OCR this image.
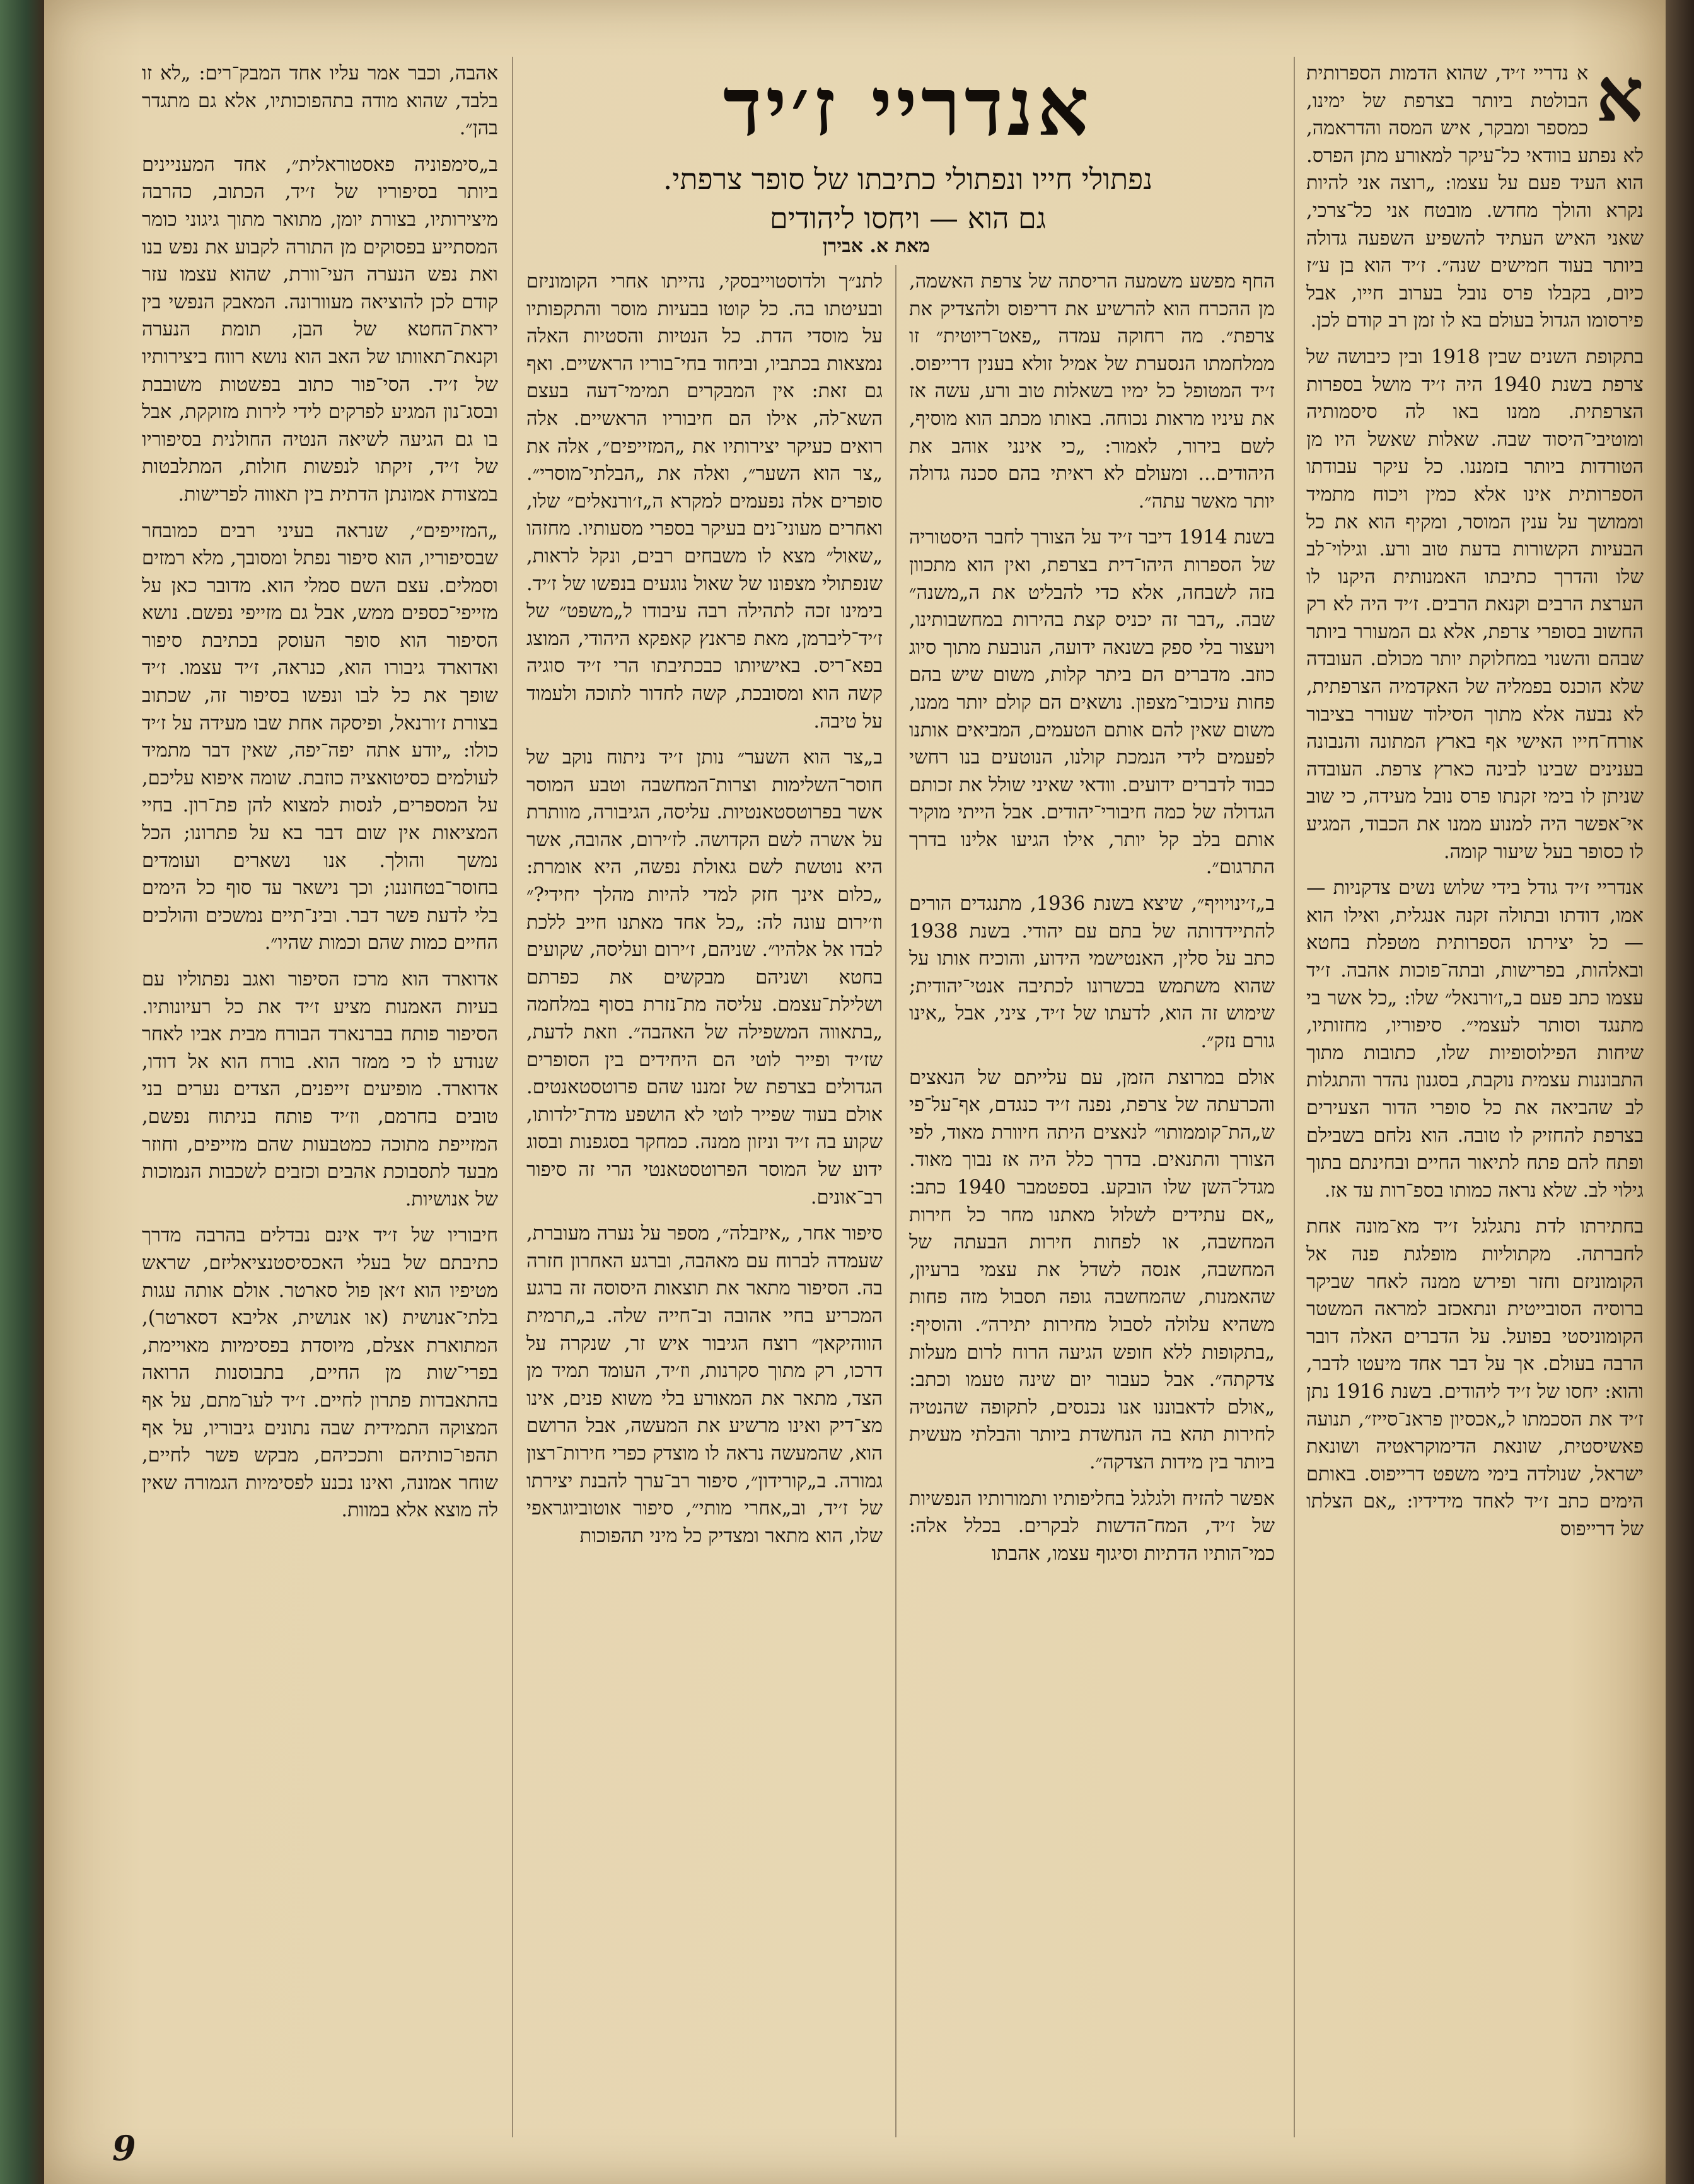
א
א נדריי ז׳יד, שהוא הדמות הספרותית הבולטת ביותר בצרפת של ימינו, כמספר ומבקר, איש המסה והדראמה, לא נפתע בוודאי כל־עיקר למאורע מתן הפרס. הוא העיד פעם על עצמו: „רוצה אני להיות נקרא והולך מחדש. מובטח אני כל־צרכי, שאני האיש העתיד להשפיע השפעה גדולה ביותר בעוד חמישים שנה״. ז׳יד הוא בן ע״ז כיום, בקבלו פרס נובל בערוב חייו, אבל פירסומו הגדול בעולם בא לו זמן רב קודם לכן.

בתקופת השנים שבין 1918 ובין כיבושה של צרפת בשנת 1940 היה ז׳יד מושל בספרות הצרפתית. ממנו באו לה סיסמותיה ומוטיבי־היסוד שבה. שאלות שאשל היו מן הטורדות ביותר בזמננו. כל עיקר עבודתו הספרותית אינו אלא כמין ויכוח מתמיד וממושך על ענין המוסר, ומקיף הוא את כל הבעיות הקשורות בדעת טוב ורע. וגילוי־לב שלו והדרך כתיבתו האמנותית היקנו לו הערצת הרבים וקנאת הרבים. ז׳יד היה לא רק החשוב בסופרי צרפת, אלא גם המעורר ביותר שבהם והשנוי במחלוקת יותר מכולם. העובדה שלא הוכנס בפמליה של האקדמיה הצרפתית, לא נבעה אלא מתוך הסילוד שעורר בציבור אורח־חייו האישי אף בארץ המתונה והנבונה בענינים שבינו לבינה כארץ צרפת. העובדה שניתן לו בימי זקנתו פרס נובל מעידה, כי שוב אי־אפשר היה למנוע ממנו את הכבוד, המגיע לו כסופר בעל שיעור קומה.

אנדריי ז׳יד גודל בידי שלוש נשים צדקניות — אמו, דודתו ובתולה זקנה אנגלית, ואילו הוא — כל יצירתו הספרותית מטפלת בחטא ובאלהות, בפרישות, ובתה־פוכות אהבה. ז׳יד עצמו כתב פעם ב„ז׳ורנאל״ שלו: „כל אשר בי מתנגד וסותר לעצמי״. סיפוריו, מחזותיו, שיחות הפילוסופיות שלו, כתובות מתוך התבוננות עצמית נוקבת, בסגנון נהדר והתגלות לב שהביאה את כל סופרי הדור הצעירים בצרפת להחזיק לו טובה. הוא נלחם בשבילם ופתח להם פתח לתיאור החיים ובחינתם בתוך גילוי לב. שלא נראה כמותו בספ־רות עד אז.

בחתירתו לדת נתגלגל ז׳יד מא־מונה אחת לחברתה. מקתוליות מופלגת פנה אל הקומוניזם וחזר ופירש ממנה לאחר שביקר ברוסיה הסובייטית ונתאכזב למראה המשטר הקומוניסטי בפועל. על הדברים האלה דובר הרבה בעולם. אך על דבר אחד מיעטו לדבר, והוא: יחסו של ז׳יד ליהודים. בשנת 1916 נתן ז׳יד את הסכמתו ל„אכסיון פראנ־סייז״, תנועה פאשיסטית, שונאת הדימוקראטיה ושונאת ישראל, שנולדה בימי משפט דרייפוס. באותם הימים כתב ז׳יד לאחד מידידיו: „אם הצלתו של דרייפוס

אנדריי ז׳יד
נפתולי חייו ונפתולי כתיבתו של סופר צרפתי.
גם הוא — ויחסו ליהודים
מאת א. אבירן

החף מפשע משמעה הריסתה של צרפת האשמה, מן ההכרח הוא להרשיע את דריפוס ולהצדיק את צרפת״. מה רחוקה עמדה „פאט־ריוטית״ זו ממלחמתו הנסערת של אמיל זולא בענין דרייפוס. ז׳יד המטופל כל ימיו בשאלות טוב ורע, עשה אז את עיניו מראות נכוחה. באותו מכתב הוא מוסיף, לשם בירור, לאמור: „כי אינני אוהב את היהודים... ומעולם לא ראיתי בהם סכנה גדולה יותר מאשר עתה״.

בשנת 1914 דיבר ז׳יד על הצורך לחבר היסטוריה של הספרות היהו־דית בצרפת, ואין הוא מתכוון בזה לשבחה, אלא כדי להבליט את ה„משנה״ שבה. „דבר זה יכניס קצת בהירות במחשבותינו, ויעצור בלי ספק בשנאה ידועה, הנובעת מתוך סיוג כוזב. מדברים הם ביתר קלות, משום שיש בהם פחות עיכובי־מצפון. נושאים הם קולם יותר ממנו, משום שאין להם אותם הטעמים, המביאים אותנו לפעמים לידי הנמכת קולנו, הנוטעים בנו רחשי כבוד לדברים ידועים. וודאי שאיני שולל את זכותם הגדולה של כמה חיבורי־יהודים. אבל הייתי מוקיר אותם בלב קל יותר, אילו הגיעו אלינו בדרך התרגום״.

ב„ז׳ינויויף״, שיצא בשנת 1936, מתנגדים הורים להתיידדותה של בתם עם יהודי. בשנת 1938 כתב על סלין, האנטישמי הידוע, והוכיח אותו על שהוא משתמש בכשרונו לכתיבה אנטי־יהודית; שימוש זה הוא, לדעתו של ז׳יד, ציני, אבל „אינו גורם נזק״.

אולם במרוצת הזמן, עם עלייתם של הנאצים והכרעתה של צרפת, נפנה ז׳יד כנגדם, אף־על־פי ש„הת־קוממותו״ לנאצים היתה חיוורת מאוד, לפי הצורך והתנאים. בדרך כלל היה אז נבוך מאוד. מגדל־השן שלו הובקע. בספטמבר 1940 כתב: „אם עתידים לשלול מאתנו מחר כל חירות המחשבה, או לפחות חירות הבעתה של המחשבה, אנסה לשדל את עצמי ברעיון, שהאמנות, שהמחשבה גופה תסבול מזה פחות משהיא עלולה לסבול מחירות יתירה״. והוסיף: „בתקופות ללא חופש הגיעה הרוח לרום מעלות צדקתה״. אבל כעבור יום שינה טעמו וכתב: „אולם לדאבוננו אנו נכנסים, לתקופה שהנטיה לחירות תהא בה הנחשדת ביותר והבלתי מעשית ביותר בין מידות הצדקה״.

אפשר להזיח ולגלגל בחליפותיו ותמורותיו הנפשיות של ז׳יד, המח־הדשות לבקרים. בכלל אלה: כמי־הותיו הדתיות וסיגוף עצמו, אהבתו

לתנ״ך ולדוסטוייבסקי, נהייתו אחרי הקומוניזם ובעיטתו בה. כל קוטו בבעיות מוסר והתקפותיו על מוסדי הדת. כל הנטיות והסטיות האלה נמצאות בכתביו, וביחוד בחי־בוריו הראשיים. ואף גם זאת: אין המבקרים תמימי־דעה בעצם השא־לה, אילו הם חיבוריו הראשיים. אלה רואים כעיקר יצירותיו את „המזייפים״, אלה את „צר הוא השער״, ואלה את „הבלתי־מוסרי״. סופרים אלה נפעמים למקרא ה„ז׳ורנאלים״ שלו, ואחרים מעוני־נים בעיקר בספרי מסעותיו. מחזהו „שאול״ מצא לו משבחים רבים, ונקל לראות, שנפתולי מצפונו של שאול נוגעים בנפשו של ז׳יד. בימינו זכה לתהילה רבה עיבודו ל„משפט״ של ז׳יד־ליברמן, מאת פראנץ קאפקא היהודי, המוצג בפא־ריס. באישיותו כבכתיבתו הרי ז׳יד סוגיה קשה הוא ומסובכת, קשה לחדור לתוכה ולעמוד על טיבה.

ב„צר הוא השער״ נותן ז׳יד ניתוח נוקב של חוסר־השלימות וצרות־המחשבה וטבע המוסר אשר בפרוטסטאנטיות. עליסה, הגיבורה, מוותרת על אשרה לשם הקדושה. לז׳ירום, אהובה, אשר היא נוטשת לשם גאולת נפשה, היא אומרת: „כלום אינך חזק למדי להיות מהלך יחידי?״ וז׳ירום עונה לה: „כל אחד מאתנו חייב ללכת לבדו אל אלהיו״. שניהם, ז׳ירום ועליסה, שקועים בחטא ושניהם מבקשים את כפרתם ושלילת־עצמם. עליסה מת־נזרת בסוף במלחמה „בתאווה המשפילה של האהבה״. וזאת לדעת, שז׳יד ופייר לוטי הם היחידים בין הסופרים הגדולים בצרפת של זמננו שהם פרוטסטאנטים. אולם בעוד שפייר לוטי לא הושפע מדת־ילדותו, שקוע בה ז׳יד וניזון ממנה. כמחקר בסגפנות ובסוג ידוע של המוסר הפרוטסטאנטי הרי זה סיפור רב־אונים.

סיפור אחר, „איזבלה״, מספר על נערה מעוברת, שעמדה לברוח עם מאהבה, וברגע האחרון חזרה בה. הסיפור מתאר את תוצאות היסוסה זה ברגע המכריע בחיי אהובה וב־חייה שלה. ב„תרמית הווהיקאן״ רוצח הגיבור איש זר, שנקרה על דרכו, רק מתוך סקרנות, וז׳יד, העומד תמיד מן הצד, מתאר את המאורע בלי משוא פנים, אינו מצ־דיק ואינו מרשיע את המעשה, אבל הרושם הוא, שהמעשה נראה לו מוצדק כפרי חירות־רצון גמורה. ב„קורידון״, סיפור רב־ערך להבנת יצירתו של ז׳יד, וב„אחרי מותי״, סיפור אוטוביוגראפי שלו, הוא מתאר ומצדיק כל מיני תהפוכות

אהבה, וכבר אמר עליו אחד המבק־רים: „לא זו בלבד, שהוא מודה בתהפוכותיו, אלא גם מתגדר בהן״.

ב„סימפוניה פאסטוראלית״, אחד המעניינים ביותר בסיפוריו של ז׳יד, הכתוב, כהרבה מיצירותיו, בצורת יומן, מתואר מתוך גיגוני כומר המסתייע בפסוקים מן התורה לקבוע את נפש בנו ואת נפש הנערה העי־וורת, שהוא עצמו עזר קודם לכן להוציאה מעוורונה. המאבק הנפשי בין יראת־החטא של הבן, תומת הנערה וקנאת־תאוותו של האב הוא נושא רווח ביצירותיו של ז׳יד. הסי־פור כתוב בפשטות משובבת ובסג־נון המגיע לפרקים לידי לירות מזוקקת, אבל בו גם הגיעה לשיאה הנטיה החולנית בסיפוריו של ז׳יד, זיקתו לנפשות חולות, המתלבטות במצודת אמונתן הדתית בין תאווה לפרישות.

„המזייפים״, שנראה בעיני רבים כמובחר שבסיפוריו, הוא סיפור נפתל ומסובך, מלא רמזים וסמלים. עצם השם סמלי הוא. מדובר כאן על מזייפי־כספים ממש, אבל גם מזייפי נפשם. נושא הסיפור הוא סופר העוסק בכתיבת סיפור ואדוארד גיבורו הוא, כנראה, ז׳יד עצמו. ז׳יד שופך את כל לבו ונפשו בסיפור זה, שכתוב בצורת ז׳ורנאל, ופיסקה אחת שבו מעידה על ז׳יד כולו: „יודע אתה יפה־יפה, שאין דבר מתמיד לעולמים כסיטואציה כוזבת. שומה איפוא עליכם, על המספרים, לנסות למצוא להן פת־רון. בחיי המציאות אין שום דבר בא על פתרונו; הכל נמשך והולך. אנו נשארים ועומדים בחוסר־בטחוננו; וכך נישאר עד סוף כל הימים בלי לדעת פשר דבר. ובינ־תיים נמשכים והולכים החיים כמות שהם וכמות שהיו״.

אדוארד הוא מרכז הסיפור ואגב נפתוליו עם בעיות האמנות מציע ז׳יד את כל רעיונותיו. הסיפור פותח בברנארד הבורח מבית אביו לאחר שנודע לו כי ממזר הוא. בורח הוא אל דודו, אדוארד. מופיעים זייפנים, הצדים נערים בני טובים בחרמם, וז׳יד פותח בניתוח נפשם, המזייפת מתוכה כמטבעות שהם מזייפים, וחוזר מבעד לתסבוכת אהבים וכזבים לשכבות הנמוכות של אנושיות.

חיבוריו של ז׳יד אינם נבדלים בהרבה מדרך כתיבתם של בעלי האכסיסטנציאליזם, שראש מטיפיו הוא ז׳אן פול סארטר. אולם אותה עגות בלתי־אנושית (או אנושית, אליבא דסארטר), המתוארת אצלם, מיוסדת בפסימיות מאויימת, בפרי־שות מן החיים, בתבוסנות הרואה בהתאבדות פתרון לחיים. ז׳יד לעו־מתם, על אף המצוקה התמידית שבה נתונים גיבוריו, על אף תהפו־כותיהם ותככיהם, מבקש פשר לחיים, שוחר אמונה, ואינו נכנע לפסימיות הגמורה שאין לה מוצא אלא במוות.

9
